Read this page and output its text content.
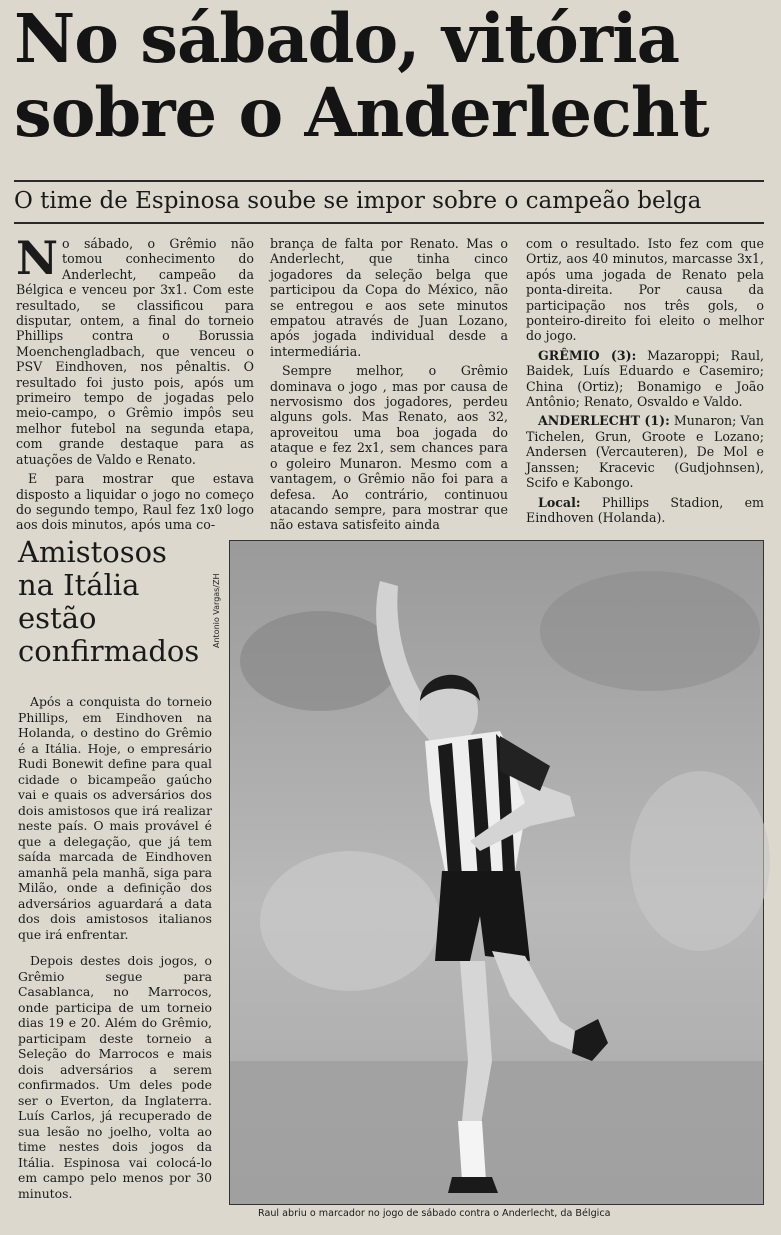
No sábado, vitória
sobre o Anderlecht
O time de Espinosa soube se impor sobre o campeão belga

No sábado, o Grêmio não tomou conhecimento do Anderlecht, campeão da Bélgica e venceu por 3x1. Com este resultado, se classificou para disputar, ontem, a final do torneio Phillips contra o Borussia Moenchengladbach, que venceu o PSV Eindhoven, nos pênaltis. O resultado foi justo pois, após um primeiro tempo de jogadas pelo meio-campo, o Grêmio impôs seu melhor futebol na segunda etapa, com grande destaque para as atuações de Valdo e Renato.

E para mostrar que estava disposto a liquidar o jogo no começo do segundo tempo, Raul fez 1x0 logo aos dois minutos, após uma co-

brança de falta por Renato. Mas o Anderlecht, que tinha cinco jogadores da seleção belga que participou da Copa do México, não se entregou e aos sete minutos empatou através de Juan Lozano, após jogada individual desde a intermediária.

Sempre melhor, o Grêmio dominava o jogo , mas por causa de nervosismo dos jogadores, perdeu alguns gols. Mas Renato, aos 32, aproveitou uma boa jogada do ataque e fez 2x1, sem chances para o goleiro Munaron. Mesmo com a vantagem, o Grêmio não foi para a defesa. Ao contrário, continuou atacando sempre, para mostrar que não estava satisfeito ainda

com o resultado. Isto fez com que Ortiz, aos 40 minutos, marcasse 3x1, após uma jogada de Renato pela ponta-direita. Por causa da participação nos três gols, o ponteiro-direito foi eleito o melhor do jogo.

GRÊMIO (3): Mazaroppi; Raul, Baidek, Luís Eduardo e Casemiro; China (Ortiz); Bonamigo e João Antônio; Renato, Osvaldo e Valdo.

ANDERLECHT (1): Munaron; Van Tichelen, Grun, Groote e Lozano; Andersen (Vercauteren), De Mol e Janssen; Kracevic (Gudjohnsen), Scifo e Kabongo.

Local: Phillips Stadion, em Eindhoven (Holanda).

Amistosos
na Itália
estão
confirmados

Após a conquista do torneio Phillips, em Eindhoven na Holanda, o destino do Grêmio é a Itália. Hoje, o empresário Rudi Bonewit define para qual cidade o bicampeão gaúcho vai e quais os adversários dos dois amistosos que irá realizar neste país. O mais provável é que a delegação, que já tem saída marcada de Eindhoven amanhã pela manhã, siga para Milão, onde a definição dos adversários aguardará a data dos dois amistosos italianos que irá enfrentar.

Depois destes dois jogos, o Grêmio segue para Casablanca, no Marrocos, onde participa de um torneio dias 19 e 20. Além do Grêmio, participam deste torneio a Seleção do Marrocos e mais dois adversários a serem confirmados. Um deles pode ser o Everton, da Inglaterra. Luís Carlos, já recuperado de sua lesão no joelho, volta ao time nestes dois jogos da Itália. Espinosa vai colocá-lo em campo pelo menos por 30 minutos.

Antonio Vargas/ZH
Raul abriu o marcador no jogo de sábado contra o Anderlecht, da Bélgica
